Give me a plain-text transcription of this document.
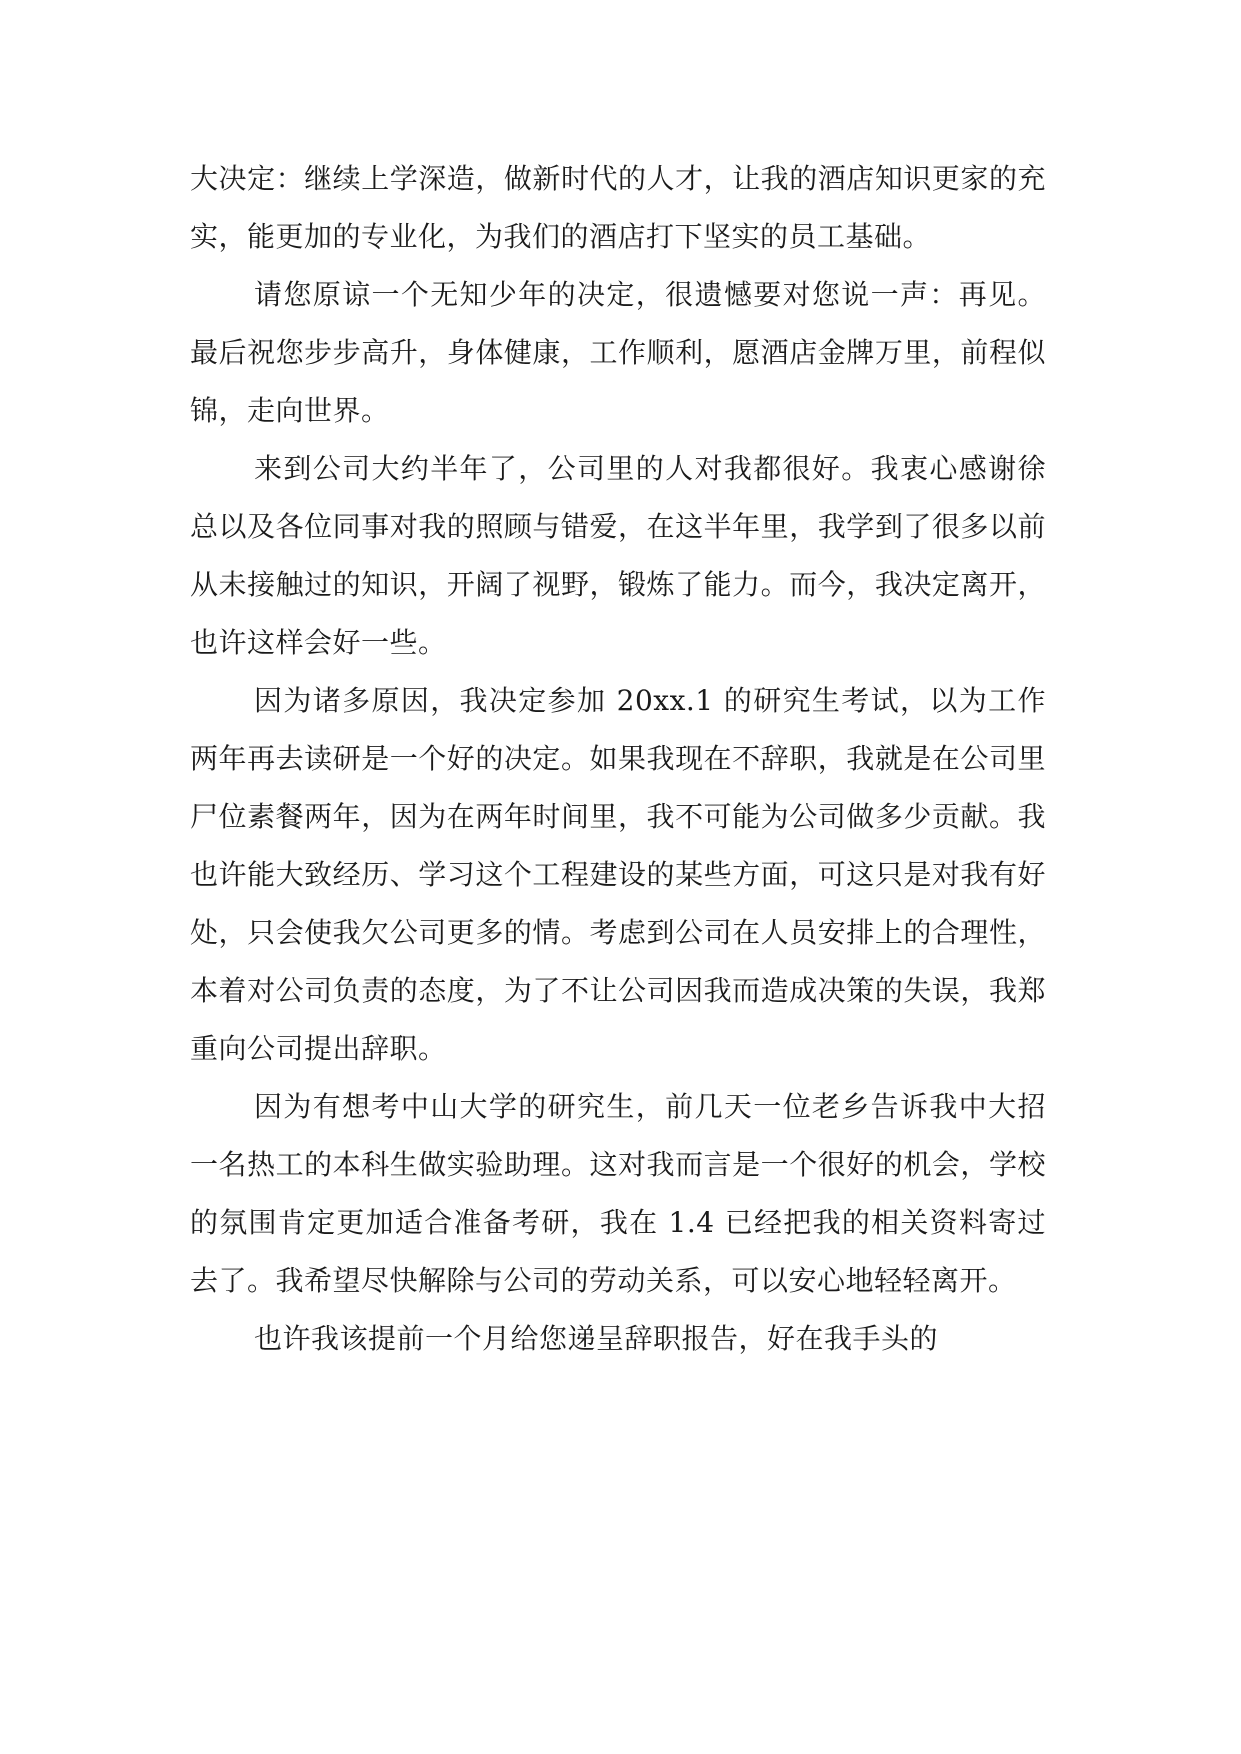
大决定：继续上学深造，做新时代的人才，让我的酒店知识更家的充实，能更加的专业化，为我们的酒店打下坚实的员工基础。

请您原谅一个无知少年的决定，很遗憾要对您说一声：再见。最后祝您步步高升，身体健康，工作顺利，愿酒店金牌万里，前程似锦，走向世界。

来到公司大约半年了，公司里的人对我都很好。我衷心感谢徐总以及各位同事对我的照顾与错爱，在这半年里，我学到了很多以前从未接触过的知识，开阔了视野，锻炼了能力。而今，我决定离开，也许这样会好一些。

因为诸多原因，我决定参加 20xx.1 的研究生考试，以为工作两年再去读研是一个好的决定。如果我现在不辞职，我就是在公司里尸位素餐两年，因为在两年时间里，我不可能为公司做多少贡献。我也许能大致经历、学习这个工程建设的某些方面，可这只是对我有好处，只会使我欠公司更多的情。考虑到公司在人员安排上的合理性，本着对公司负责的态度，为了不让公司因我而造成决策的失误，我郑重向公司提出辞职。

因为有想考中山大学的研究生，前几天一位老乡告诉我中大招一名热工的本科生做实验助理。这对我而言是一个很好的机会，学校的氛围肯定更加适合准备考研，我在 1.4 已经把我的相关资料寄过去了。我希望尽快解除与公司的劳动关系，可以安心地轻轻离开。

也许我该提前一个月给您递呈辞职报告，好在我手头的
